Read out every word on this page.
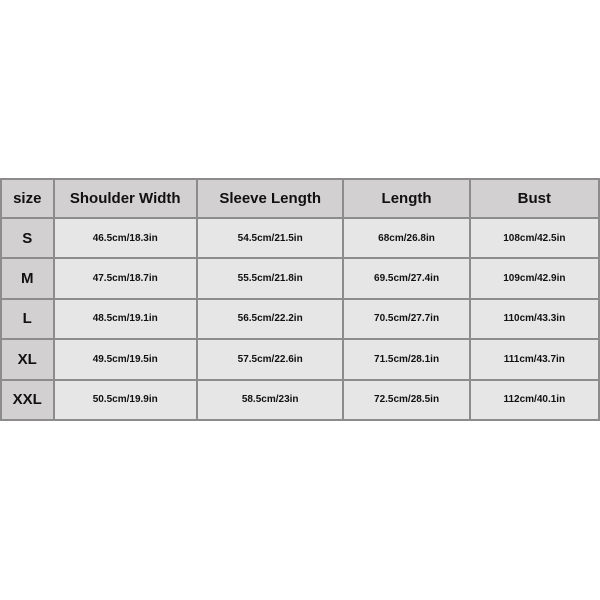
size	Shoulder Width	Sleeve Length	Length	Bust
S	46.5cm/18.3in	54.5cm/21.5in	68cm/26.8in	108cm/42.5in
M	47.5cm/18.7in	55.5cm/21.8in	69.5cm/27.4in	109cm/42.9in
L	48.5cm/19.1in	56.5cm/22.2in	70.5cm/27.7in	110cm/43.3in
XL	49.5cm/19.5in	57.5cm/22.6in	71.5cm/28.1in	111cm/43.7in
XXL	50.5cm/19.9in	58.5cm/23in	72.5cm/28.5in	112cm/40.1in
